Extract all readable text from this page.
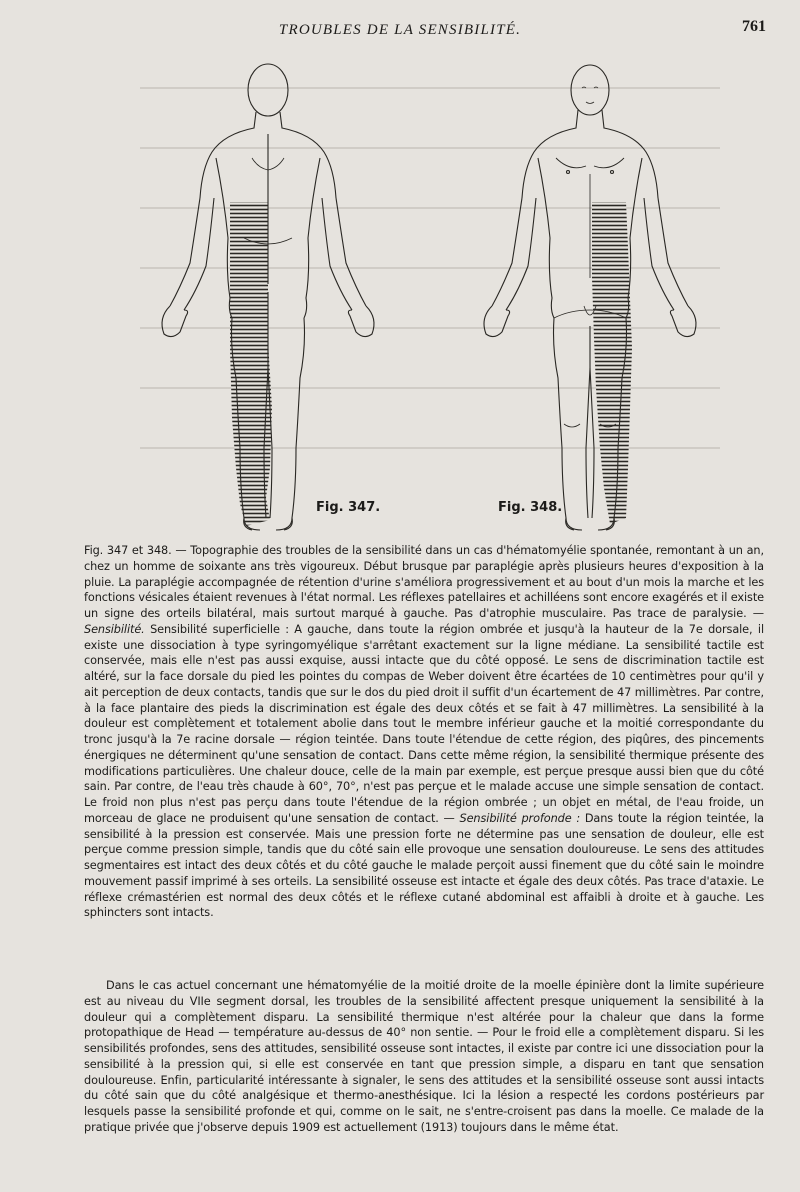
TROUBLES DE LA SENSIBILITÉ.	761
Fig. 347.	Fig. 348.
Fig. 347 et 348. — Topographie des troubles de la sensibilité dans un cas d'hématomyélie spontanée, remontant à un an, chez un homme de soixante ans très vigoureux. Début brusque par paraplégie après plusieurs heures d'exposition à la pluie. La paraplégie accompagnée de rétention d'urine s'améliora progressivement et au bout d'un mois la marche et les fonctions vésicales étaient revenues à l'état normal. Les réflexes patellaires et achilléens sont encore exagérés et il existe un signe des orteils bilatéral, mais surtout marqué à gauche. Pas d'atrophie musculaire. Pas trace de paralysie. — Sensibilité. Sensibilité superficielle : A gauche, dans toute la région ombrée et jusqu'à la hauteur de la 7e dorsale, il existe une dissociation à type syringomyélique s'arrêtant exactement sur la ligne médiane. La sensibilité tactile est conservée, mais elle n'est pas aussi exquise, aussi intacte que du côté opposé. Le sens de discrimination tactile est altéré, sur la face dorsale du pied les pointes du compas de Weber doivent être écartées de 10 centimètres pour qu'il y ait perception de deux contacts, tandis que sur le dos du pied droit il suffit d'un écartement de 47 millimètres. Par contre, à la face plantaire des pieds la discrimination est égale des deux côtés et se fait à 47 millimètres. La sensibilité à la douleur est complètement et totalement abolie dans tout le membre inférieur gauche et la moitié correspondante du tronc jusqu'à la 7e racine dorsale — région teintée. Dans toute l'étendue de cette région, des piqûres, des pincements énergiques ne déterminent qu'une sensation de contact. Dans cette même région, la sensibilité thermique présente des modifications particulières. Une chaleur douce, celle de la main par exemple, est perçue presque aussi bien que du côté sain. Par contre, de l'eau très chaude à 60°, 70°, n'est pas perçue et le malade accuse une simple sensation de contact. Le froid non plus n'est pas perçu dans toute l'étendue de la région ombrée ; un objet en métal, de l'eau froide, un morceau de glace ne produisent qu'une sensation de contact. — Sensibilité profonde : Dans toute la région teintée, la sensibilité à la pression est conservée. Mais une pression forte ne détermine pas une sensation de douleur, elle est perçue comme pression simple, tandis que du côté sain elle provoque une sensation douloureuse. Le sens des attitudes segmentaires est intact des deux côtés et du côté gauche le malade perçoit aussi finement que du côté sain le moindre mouvement passif imprimé à ses orteils. La sensibilité osseuse est intacte et égale des deux côtés. Pas trace d'ataxie. Le réflexe crémastérien est normal des deux côtés et le réflexe cutané abdominal est affaibli à droite et à gauche. Les sphincters sont intacts.
Dans le cas actuel concernant une hématomyélie de la moitié droite de la moelle épinière dont la limite supérieure est au niveau du VIIe segment dorsal, les troubles de la sensibilité affectent presque uniquement la sensibilité à la douleur qui a complètement disparu. La sensibilité thermique n'est altérée pour la chaleur que dans la forme protopathique de Head — température au-dessus de 40° non sentie. — Pour le froid elle a complètement disparu. Si les sensibilités profondes, sens des attitudes, sensibilité osseuse sont intactes, il existe par contre ici une dissociation pour la sensibilité à la pression qui, si elle est conservée en tant que pression simple, a disparu en tant que sensation douloureuse. Enfin, particularité intéressante à signaler, le sens des attitudes et la sensibilité osseuse sont aussi intacts du côté sain que du côté analgésique et thermo-anesthésique. Ici la lésion a respecté les cordons postérieurs par lesquels passe la sensibilité profonde et qui, comme on le sait, ne s'entre-croisent pas dans la moelle. Ce malade de la pratique privée que j'observe depuis 1909 est actuellement (1913) toujours dans le même état.
